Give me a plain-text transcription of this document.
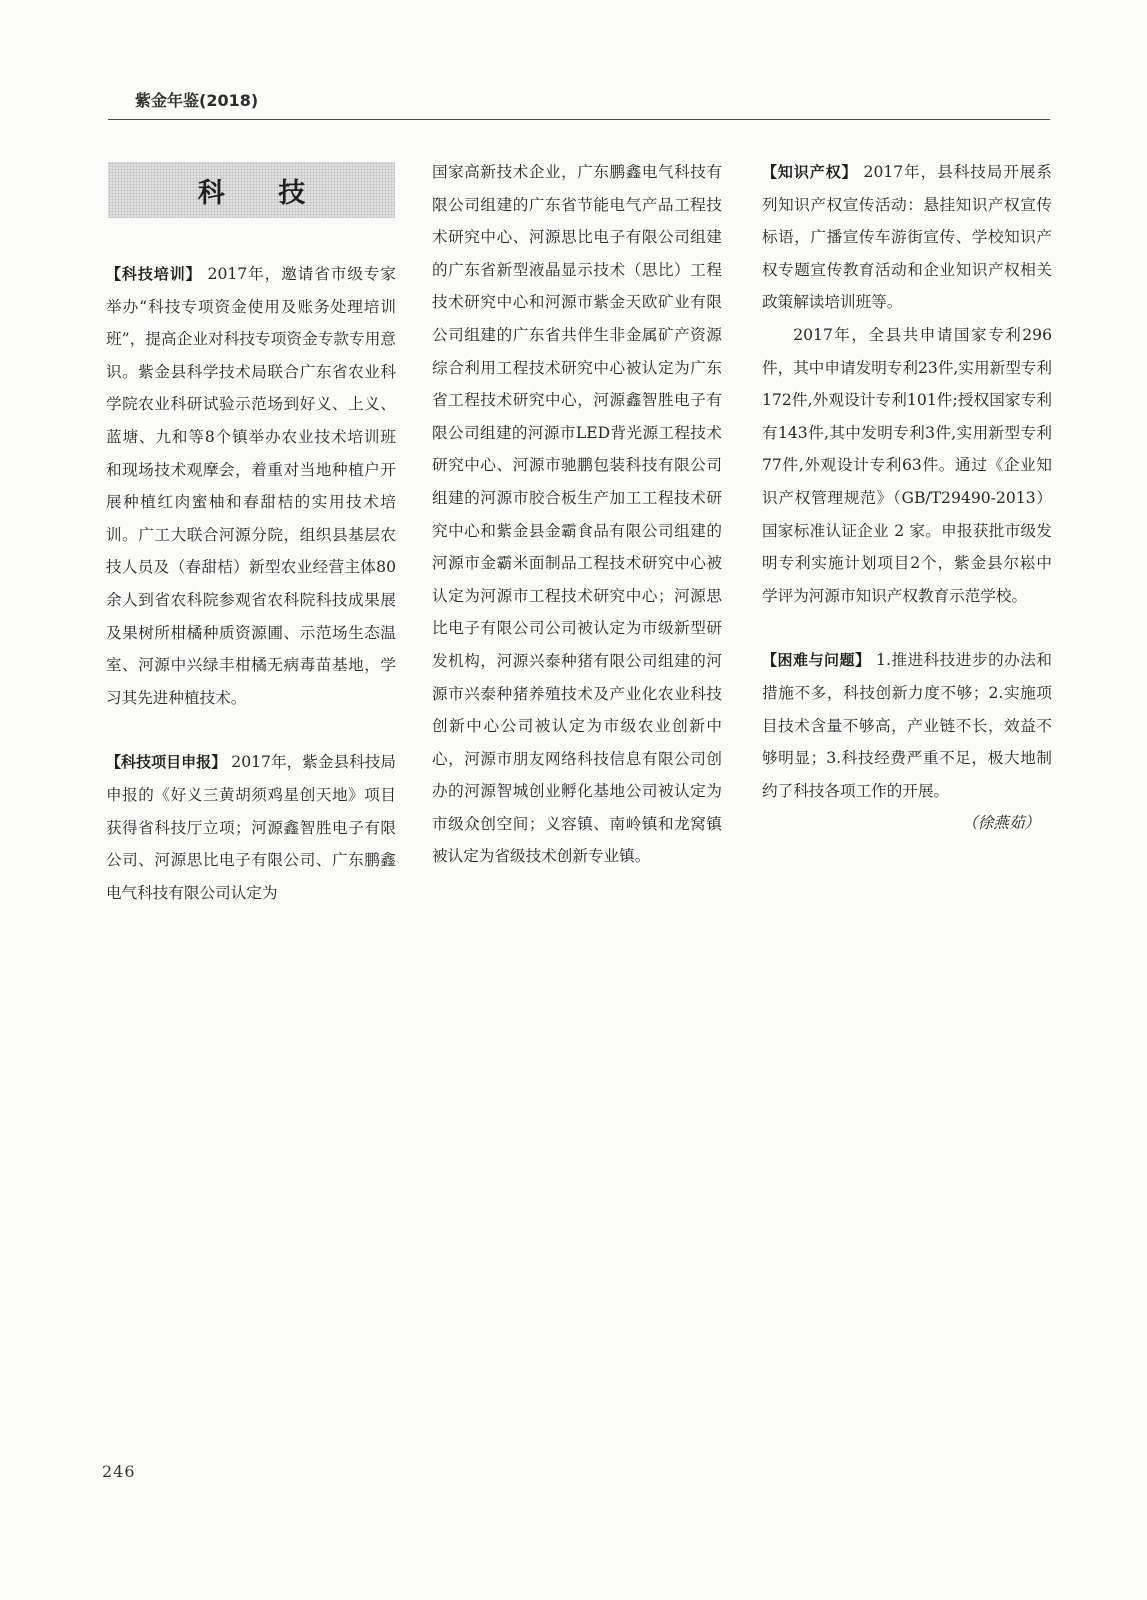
紫金年鉴(2018)
科 技

【科技培训】 2017年，邀请省市级专家举办“科技专项资金使用及账务处理培训班”，提高企业对科技专项资金专款专用意识。紫金县科学技术局联合广东省农业科学院农业科研试验示范场到好义、上义、蓝塘、九和等8个镇举办农业技术培训班和现场技术观摩会，着重对当地种植户开展种植红肉蜜柚和春甜桔的实用技术培训。广工大联合河源分院，组织县基层农技人员及（春甜桔）新型农业经营主体80余人到省农科院参观省农科院科技成果展及果树所柑橘种质资源圃、示范场生态温室、河源中兴绿丰柑橘无病毒苗基地，学习其先进种植技术。

【科技项目申报】 2017年，紫金县科技局申报的《好义三黄胡须鸡星创天地》项目获得省科技厅立项；河源鑫智胜电子有限公司、河源思比电子有限公司、广东鹏鑫电气科技有限公司认定为

国家高新技术企业，广东鹏鑫电气科技有限公司组建的广东省节能电气产品工程技术研究中心、河源思比电子有限公司组建的广东省新型液晶显示技术（思比）工程技术研究中心和河源市紫金天欧矿业有限公司组建的广东省共伴生非金属矿产资源综合利用工程技术研究中心被认定为广东省工程技术研究中心，河源鑫智胜电子有限公司组建的河源市LED背光源工程技术研究中心、河源市驰鹏包装科技有限公司组建的河源市胶合板生产加工工程技术研究中心和紫金县金霸食品有限公司组建的河源市金霸米面制品工程技术研究中心被认定为河源市工程技术研究中心；河源思比电子有限公司公司被认定为市级新型研发机构，河源兴泰种猪有限公司组建的河源市兴泰种猪养殖技术及产业化农业科技创新中心公司被认定为市级农业创新中心，河源市朋友网络科技信息有限公司创办的河源智城创业孵化基地公司被认定为市级众创空间；义容镇、南岭镇和龙窝镇被认定为省级技术创新专业镇。

【知识产权】 2017年，县科技局开展系列知识产权宣传活动：悬挂知识产权宣传标语，广播宣传车游街宣传、学校知识产权专题宣传教育活动和企业知识产权相关政策解读培训班等。

2017年，全县共申请国家专利296件，其中申请发明专利23件,实用新型专利172件,外观设计专利101件;授权国家专利有143件,其中发明专利3件,实用新型专利77件,外观设计专利63件。通过《企业知识产权管理规范》（GB/T29490-2013）国家标准认证企业 2 家。申报获批市级发明专利实施计划项目2个，紫金县尔崧中学评为河源市知识产权教育示范学校。

【困难与问题】 1.推进科技进步的办法和措施不多，科技创新力度不够；2.实施项目技术含量不够高，产业链不长，效益不够明显；3.科技经费严重不足，极大地制约了科技各项工作的开展。

（徐燕茹）

246
